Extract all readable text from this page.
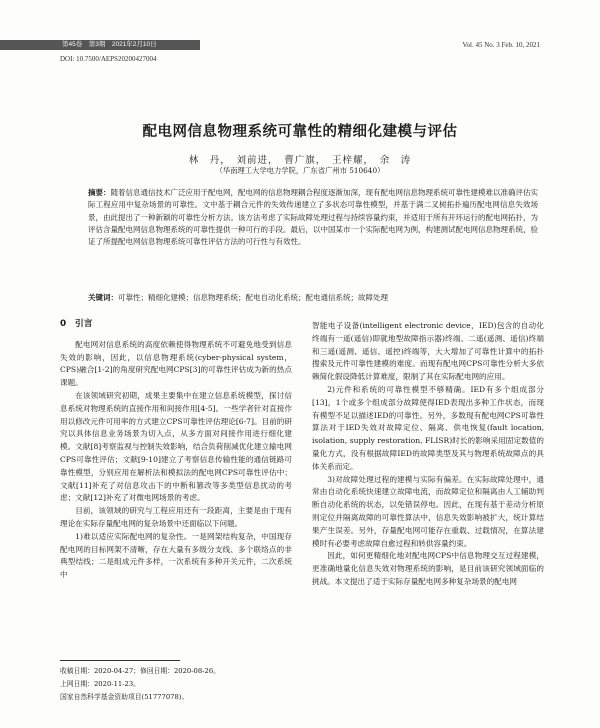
第45卷　第3期　2021年2月10日	Vol. 45 No. 3 Feb. 10, 2021
DOI: 10.7500/AEPS20200427004
配电网信息物理系统可靠性的精细化建模与评估
林　丹，　刘前进，　曹广旗，　王梓耀，　余　涛
（华南理工大学电力学院，广东省广州市 510640）
摘要：随着信息通信技术广泛应用于配电网，配电网的信息物理耦合程度逐渐加深，现有配电网信息物理系统可靠性建模难以准确评估实际工程应用中复杂场景的可靠性。文中基于耦合元件的失效传递建立了多状态可靠性模型，并基于满二叉树拓扑遍历配电网信息失效场景，由此提出了一种新颖的可靠性分析方法。该方法考虑了实际故障处理过程与持续容量约束，并适用于所有开环运行的配电网拓扑，为评估含量配电网信息物理系统的可靠性提供一种可行的手段。最后，以中国某市一个实际配电网为例，构建测试配电网信息物理系统，验证了所提配电网信息物理系统可靠性评估方法的可行性与有效性。
关键词：可靠性；精细化建模；信息物理系统；配电自动化系统；配电通信系统；故障处理
0　引言

配电网对信息系统的高度依赖使得物理系统不可避免地受到信息失效的影响，因此，以信息物理系统(cyber-physical system，CPS)融合[1-2]的角度研究配电网CPS[3]的可靠性评估成为新的热点课题。

在该领域研究初期，成果主要集中在建立信息系统模型，探讨信息系统对物理系统的直接作用和间接作用[4-5]。一些学者针对直接作用以修改元件可用率的方式建立CPS可靠性评估理论[6-7]。目前的研究以具体信息业务场景为切入点，从多方面对间接作用进行细化建模。文献[8]考察监视与控制失效影响，结合负荷削减优化建立输电网CPS可靠性评估；文献[9-10]建立了考察信息传输性能的通信链路可靠性模型，分别应用在解析法和模拟法的配电网CPS可靠性评估中；文献[11]补充了对信息攻击下的中断和篡改等多类型信息扰动的考虑；文献[12]补充了对微电网场景的考虑。

目前，该领域的研究与工程应用还有一段距离，主要是由于现有理论在实际存量配电网的复杂场景中还面临以下问题。

1)难以适应实际配电网的复杂性。一是网架结构复杂，中国现存配电网的目标网架不清晰，存在大量有多级分支线、多个联络点的非典型结线；二是组成元件多样，一次系统有多种开关元件，二次系统中

智能电子设备(intelligent electronic device，IED)包含的自动化终端有一遥(遥信)即就地型故障指示器)终端、二遥(遥测、遥信)终端和三遥(遥测、遥信、遥控)终端等，大大增加了可靠性计算中的拓扑搜索及元件可靠性建模的难度。而现有配电网CPS可靠性分析大多依赖简化假设降低计算难度，限制了其在实际配电网的应用。

2)元件和系统的可靠性模型不够精确。IED有多个组成部分[13]，1个或多个组成部分故障使得IED表现出多种工作状态，而现有模型不足以描述IED的可靠性。另外，多数现有配电网CPS可靠性算法对于IED失效对故障定位、隔离、供电恢复(fault location, isolation, supply restoration, FLISR)时长的影响采用固定数值的量化方式，没有根据故障IED的故障类型及其与物理系统故障点的具体关系而定。

3)对故障处理过程的建模与实际有偏差。在实际故障处理中，通常由自动化系统快速建立故障电流，而故障定位和隔离由人工辅助判断自动化系统的状态，以免错误停电。因此，在现有基于差动分析原则定位并隔离故障的可靠性算法中，信息失效影响被扩大，统计算结果产生误差。另外，存量配电网可能存在重载、过载情况，在算法建模时有必要考虑故障自愈过程和转供容量约束。

因此，如何更精细化地对配电网CPS中信息物理交互过程建模，更准确地量化信息失效对物理系统的影响，是目前该研究领域面临的挑战。本文提出了适于实际存量配电网多种复杂场景的配电网

收稿日期：2020-04-27；修回日期：2020-08-26。
上网日期：2020-11-23。
国家自然科学基金资助项目(51777078)。
